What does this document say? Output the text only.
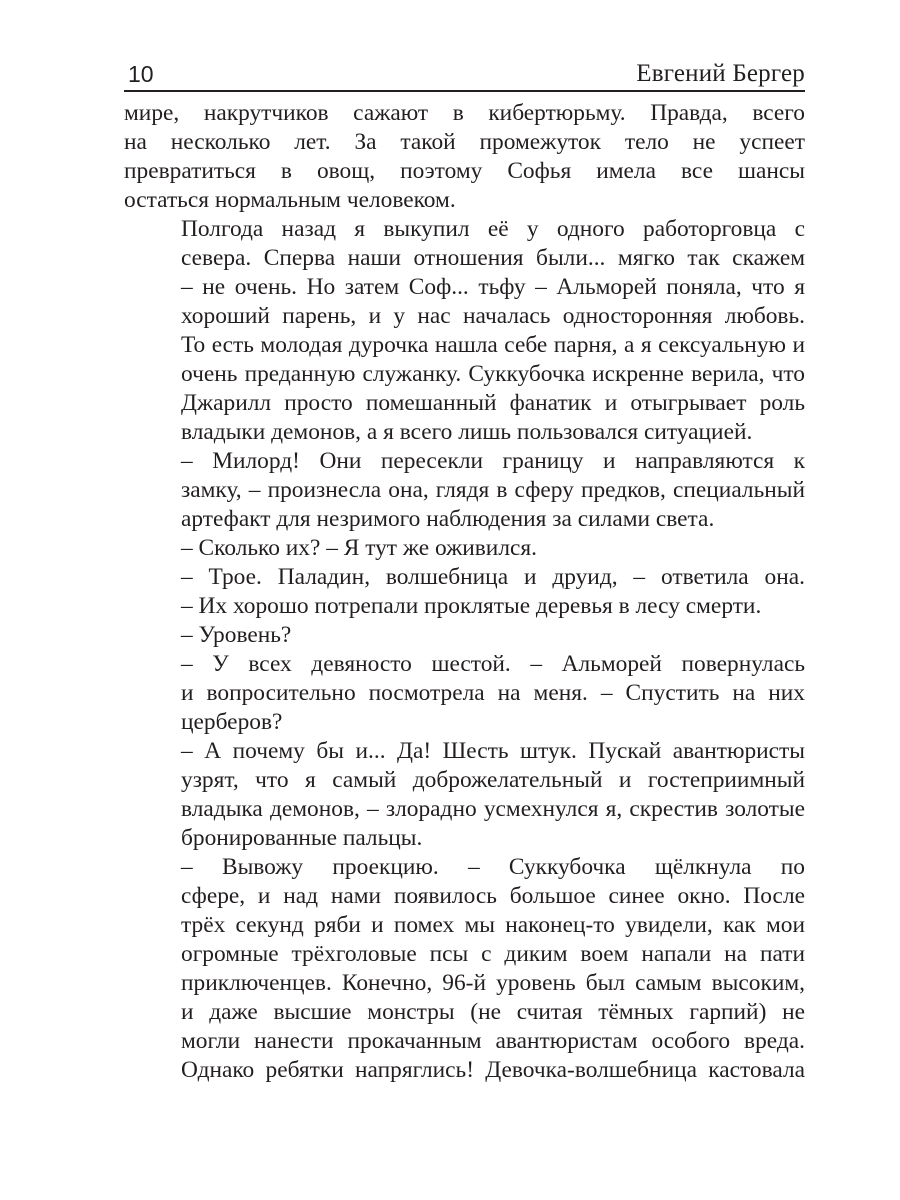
10	Евгений Бергер
мире, накрутчиков сажают в кибертюрьму. Правда, всего
на несколько лет. За такой промежуток тело не успеет
превратиться в овощ, поэтому Софья имела все шансы
остаться нормальным человеком.
Полгода назад я выкупил её у одного работорговца с
севера. Сперва наши отношения были... мягко так скажем
– не очень. Но затем Соф... тьфу – Альморей поняла, что я
хороший парень, и у нас началась односторонняя любовь.
То есть молодая дурочка нашла себе парня, а я сексуальную и
очень преданную служанку. Суккубочка искренне верила, что
Джарилл просто помешанный фанатик и отыгрывает роль
владыки демонов, а я всего лишь пользовался ситуацией.
– Милорд! Они пересекли границу и направляются к
замку, – произнесла она, глядя в сферу предков, специальный
артефакт для незримого наблюдения за силами света.
– Сколько их? – Я тут же оживился.
– Трое. Паладин, волшебница и друид, – ответила она.
– Их хорошо потрепали проклятые деревья в лесу смерти.
– Уровень?
– У всех девяносто шестой. – Альморей повернулась
и вопросительно посмотрела на меня. – Спустить на них
церберов?
– А почему бы и... Да! Шесть штук. Пускай авантюристы
узрят, что я самый доброжелательный и гостеприимный
владыка демонов, – злорадно усмехнулся я, скрестив золотые
бронированные пальцы.
– Вывожу проекцию. – Суккубочка щёлкнула по
сфере, и над нами появилось большое синее окно. После
трёх секунд ряби и помех мы наконец-то увидели, как мои
огромные трёхголовые псы с диким воем напали на пати
приключенцев. Конечно, 96-й уровень был самым высоким,
и даже высшие монстры (не считая тёмных гарпий) не
могли нанести прокачанным авантюристам особого вреда.
Однако ребятки напряглись! Девочка-волшебница кастовала
